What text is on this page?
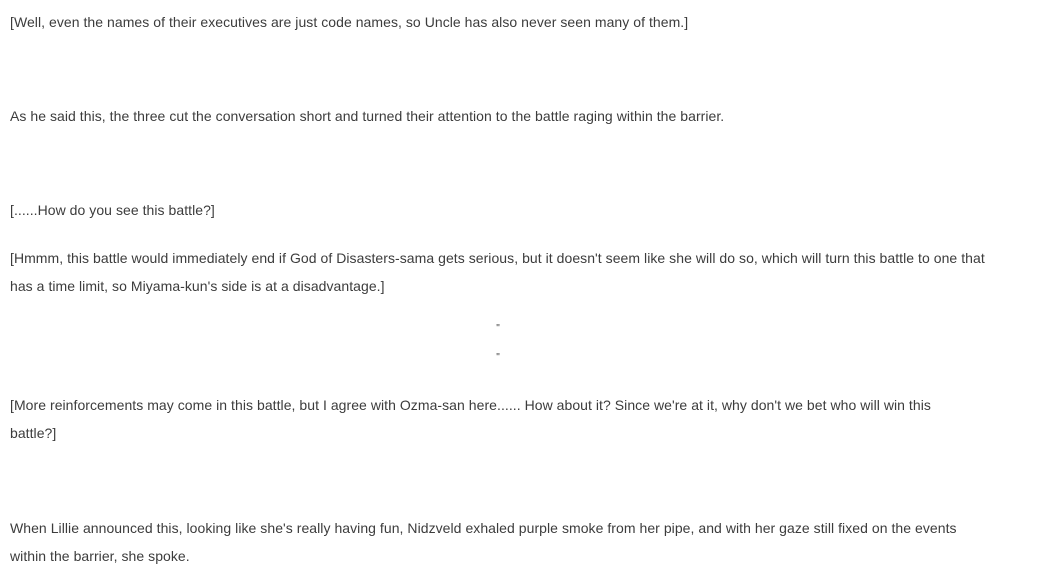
[Well, even the names of their executives are just code names, so Uncle has also never seen many of them.]

As he said this, the three cut the conversation short and turned their attention to the battle raging within the barrier.

[......How do you see this battle?]

[Hmmm, this battle would immediately end if God of Disasters-sama gets serious, but it doesn't seem like she will do so, which will turn this battle to one that has a time limit, so Miyama-kun's side is at a disadvantage.]

"

"

[More reinforcements may come in this battle, but I agree with Ozma-san here...... How about it? Since we're at it, why don't we bet who will win this battle?]

When Lillie announced this, looking like she's really having fun, Nidzveld exhaled purple smoke from her pipe, and with her gaze still fixed on the events within the barrier, she spoke.
